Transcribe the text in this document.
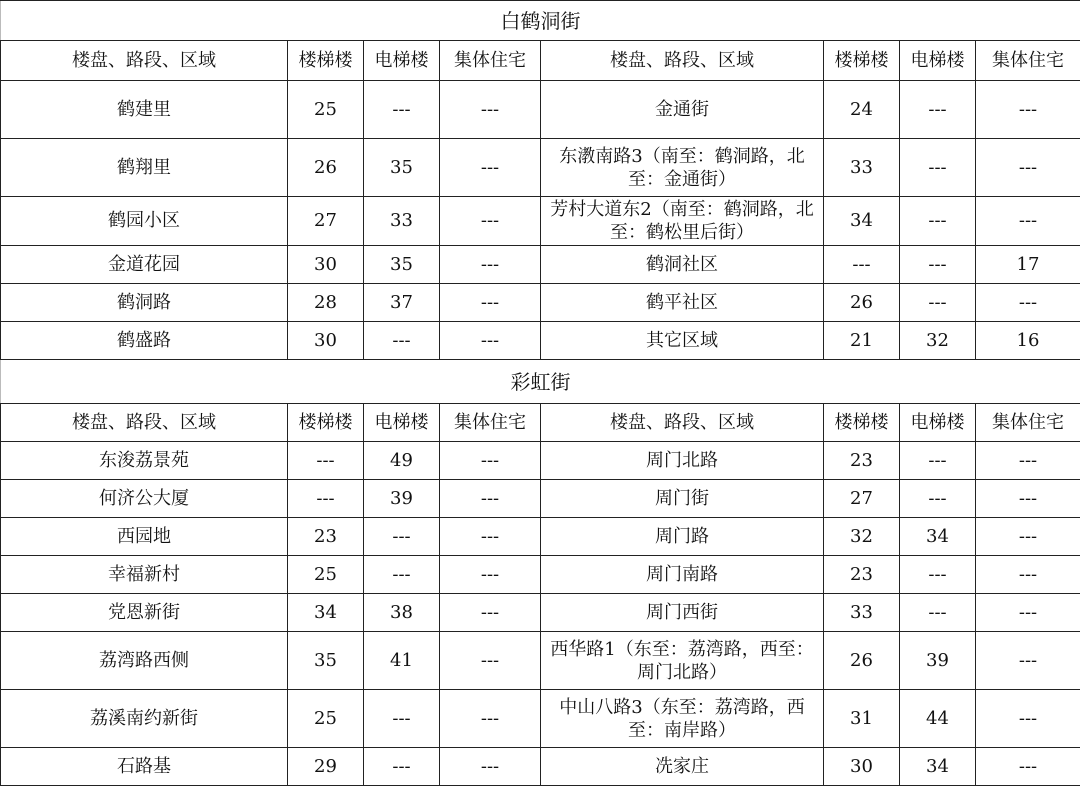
白鹤洞街							
楼盘、路段、区域	楼梯楼	电梯楼	集体住宅	楼盘、路段、区域	楼梯楼	电梯楼	集体住宅
鹤建里	25	---	---	金通街	24	---	---
鹤翔里	26	35	---	东漖南路3（南至：鹤洞路，北至：金通街）	33	---	---
鹤园小区	27	33	---	芳村大道东2（南至：鹤洞路，北至：鹤松里后街）	34	---	---
金道花园	30	35	---	鹤洞社区	---	---	17
鹤洞路	28	37	---	鹤平社区	26	---	---
鹤盛路	30	---	---	其它区域	21	32	16
彩虹街							
楼盘、路段、区域	楼梯楼	电梯楼	集体住宅	楼盘、路段、区域	楼梯楼	电梯楼	集体住宅
东浚荔景苑	---	49	---	周门北路	23	---	---
何济公大厦	---	39	---	周门街	27	---	---
西园地	23	---	---	周门路	32	34	---
幸福新村	25	---	---	周门南路	23	---	---
党恩新街	34	38	---	周门西街	33	---	---
荔湾路西侧	35	41	---	西华路1（东至：荔湾路，西至：周门北路）	26	39	---
荔溪南约新街	25	---	---	中山八路3（东至：荔湾路，西至：南岸路）	31	44	---
石路基	29	---	---	冼家庄	30	34	---
